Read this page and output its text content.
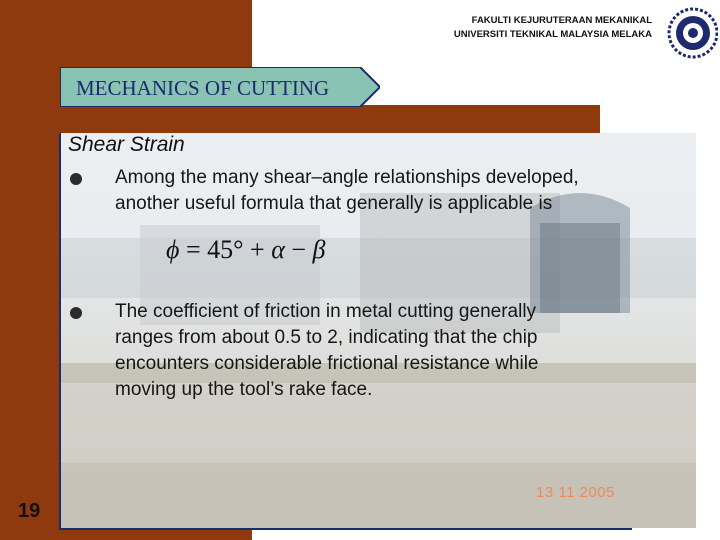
FAKULTI KEJURUTERAAN MEKANIKAL
UNIVERSITI TEKNIKAL MALAYSIA MELAKA
MECHANICS OF CUTTING
Shear Strain
Among the many shear–angle relationships developed,
another useful formula that generally is applicable is
ϕ = 45° + α − β
The coefficient of friction in metal cutting generally
ranges from about 0.5 to 2, indicating that the chip
encounters considerable frictional resistance while
moving up the tool’s rake face.
13 11 2005
19
